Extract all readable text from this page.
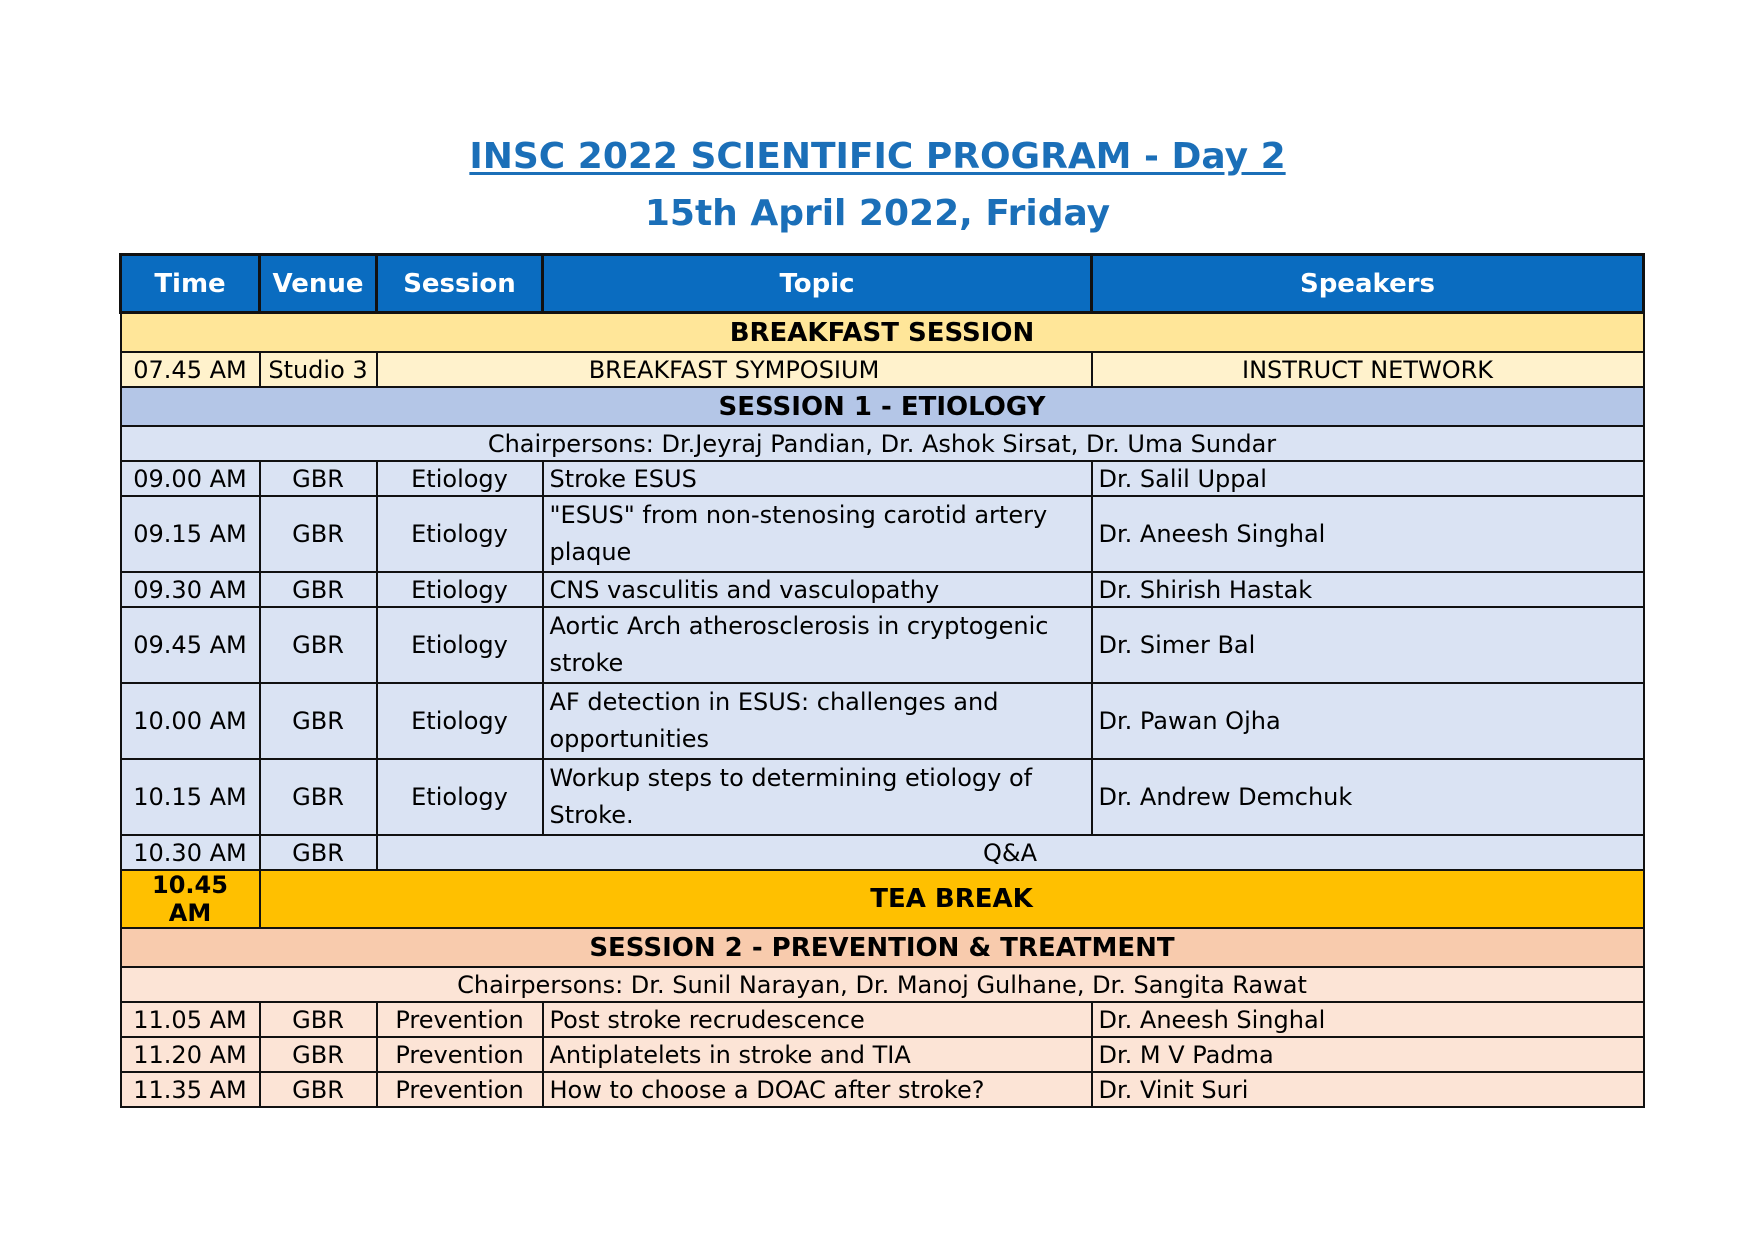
INSC 2022 SCIENTIFIC PROGRAM - Day 2
15th April 2022, Friday
Time	Venue	Session	Topic	Speakers
BREAKFAST SESSION				
07.45 AM	Studio 3	BREAKFAST SYMPOSIUM		INSTRUCT NETWORK
SESSION 1 - ETIOLOGY				
Chairpersons: Dr.Jeyraj Pandian, Dr. Ashok Sirsat, Dr. Uma Sundar				
09.00 AM	GBR	Etiology	Stroke ESUS	Dr. Salil Uppal
09.15 AM	GBR	Etiology	"ESUS" from non-stenosing carotid artery plaque	Dr. Aneesh Singhal
09.30 AM	GBR	Etiology	CNS vasculitis and vasculopathy	Dr. Shirish Hastak
09.45 AM	GBR	Etiology	Aortic Arch atherosclerosis in cryptogenic stroke	Dr. Simer Bal
10.00 AM	GBR	Etiology	AF detection in ESUS: challenges and opportunities	Dr. Pawan Ojha
10.15 AM	GBR	Etiology	Workup steps to determining etiology of Stroke.	Dr. Andrew Demchuk
10.30 AM	GBR	Q&A		
10.45 AM	TEA BREAK			
SESSION 2 - PREVENTION & TREATMENT				
Chairpersons: Dr. Sunil Narayan, Dr. Manoj Gulhane, Dr. Sangita Rawat				
11.05 AM	GBR	Prevention	Post stroke recrudescence	Dr. Aneesh Singhal
11.20 AM	GBR	Prevention	Antiplatelets in stroke and TIA	Dr. M V Padma
11.35 AM	GBR	Prevention	How to choose a DOAC after stroke?	Dr. Vinit Suri
